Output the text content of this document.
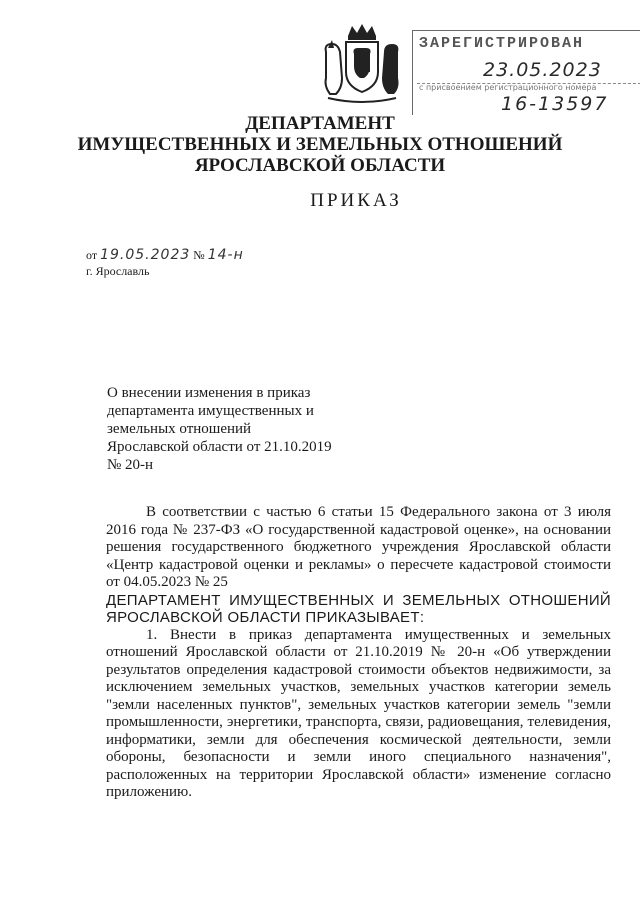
ЗАРЕГИСТРИРОВАН
23.05.2023
с присвоением регистрационного номера
16-13597
ДЕПАРТАМЕНТ
ИМУЩЕСТВЕННЫХ И ЗЕМЕЛЬНЫХ ОТНОШЕНИЙ
ЯРОСЛАВСКОЙ ОБЛАСТИ
ПРИКАЗ
от 19.05.2023 № 14-н
г. Ярославль
О внесении изменения в приказ
департамента имущественных и
земельных отношений
Ярославской области от 21.10.2019
№ 20-н

В соответствии с частью 6 статьи 15 Федерального закона от 3 июля 2016 года № 237-ФЗ «О государственной кадастровой оценке», на основании решения государственного бюджетного учреждения Ярославской области «Центр кадастровой оценки и рекламы» о пересчете кадастровой стоимости от 04.05.2023 № 25

ДЕПАРТАМЕНТ ИМУЩЕСТВЕННЫХ И ЗЕМЕЛЬНЫХ ОТНОШЕНИЙ ЯРОСЛАВСКОЙ ОБЛАСТИ ПРИКАЗЫВАЕТ:

1. Внести в приказ департамента имущественных и земельных отношений Ярославской области от 21.10.2019 № 20-н «Об утверждении результатов определения кадастровой стоимости объектов недвижимости, за исключением земельных участков, земельных участков категории земель "земли населенных пунктов", земельных участков категории земель "земли промышленности, энергетики, транспорта, связи, радиовещания, телевидения, информатики, земли для обеспечения космической деятельности, земли обороны, безопасности и земли иного специального назначения", расположенных на территории Ярославской области» изменение согласно приложению.
